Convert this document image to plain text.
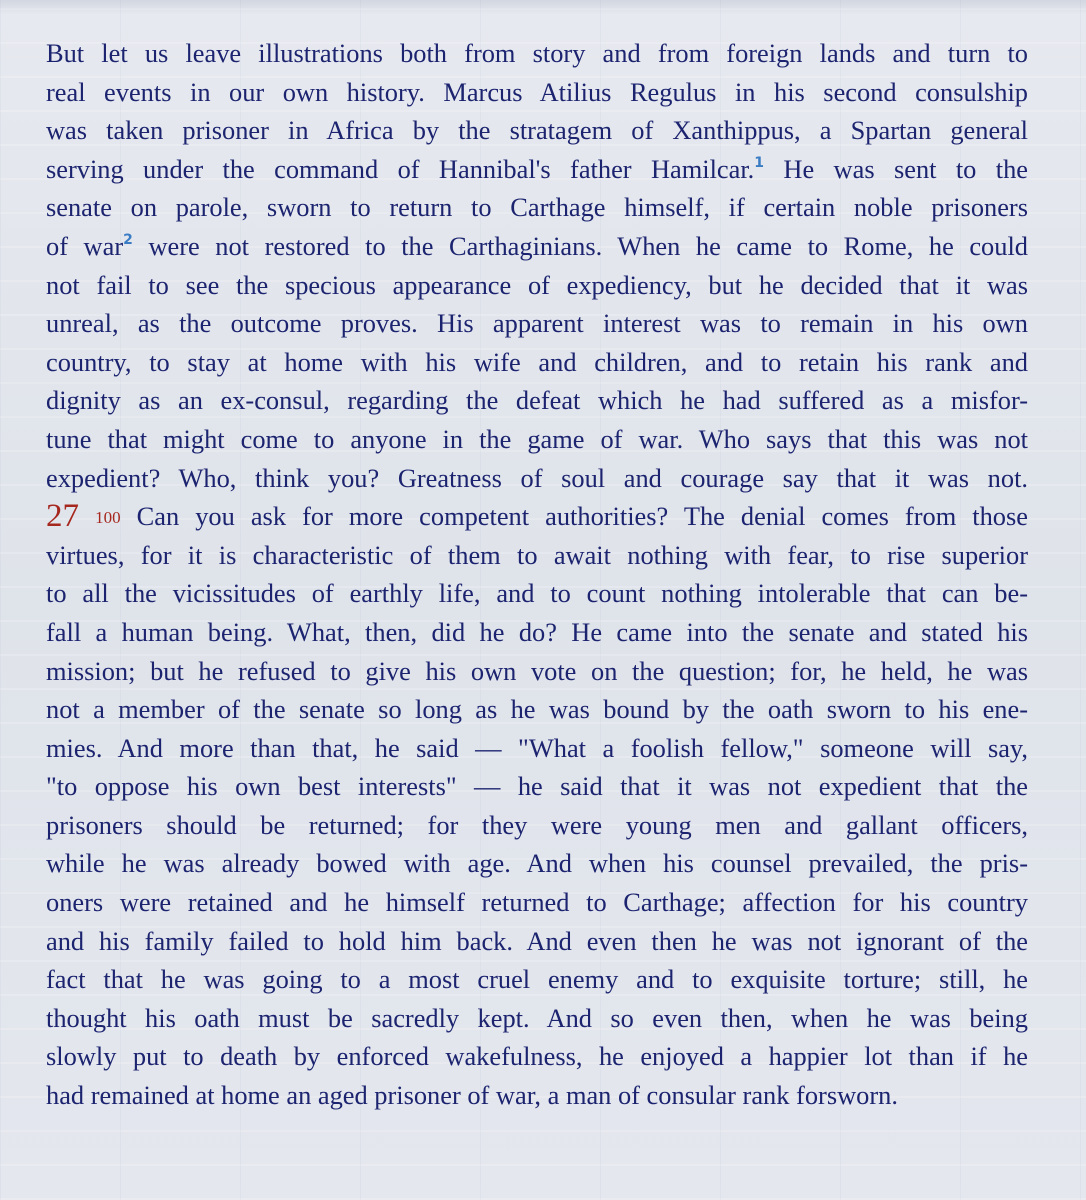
But let us leave illustrations both from story and from foreign lands and turn to
real events in our own history. Marcus Atilius Regulus in his second consulship
was taken prisoner in Africa by the stratagem of Xanthippus, a Spartan general
serving under the command of Hannibal's father Hamilcar.$^1$ He was sent to the
senate on parole, sworn to return to Carthage himself, if certain noble prisoners
of war$^2$ were not restored to the Carthaginians. When he came to Rome, he could
not fail to see the specious appearance of expediency, but he decided that it was
unreal, as the outcome proves. His apparent interest was to remain in his own
country, to stay at home with his wife and children, and to retain his rank and
dignity as an ex-consul, regarding the defeat which he had suffered as a misfor-
tune that might come to anyone in the game of war. Who says that this was not
expedient? Who, think you? Greatness of soul and courage say that it was not.
27 100 Can you ask for more competent authorities? The denial comes from those
virtues, for it is characteristic of them to await nothing with fear, to rise superior
to all the vicissitudes of earthly life, and to count nothing intolerable that can be-
fall a human being. What, then, did he do? He came into the senate and stated his
mission; but he refused to give his own vote on the question; for, he held, he was
not a member of the senate so long as he was bound by the oath sworn to his ene-
mies. And more than that, he said — "What a foolish fellow," someone will say,
"to oppose his own best interests" — he said that it was not expedient that the
prisoners should be returned; for they were young men and gallant officers,
while he was already bowed with age. And when his counsel prevailed, the pris-
oners were retained and he himself returned to Carthage; affection for his country
and his family failed to hold him back. And even then he was not ignorant of the
fact that he was going to a most cruel enemy and to exquisite torture; still, he
thought his oath must be sacredly kept. And so even then, when he was being
slowly put to death by enforced wakefulness, he enjoyed a happier lot than if he
had remained at home an aged prisoner of war, a man of consular rank forsworn.
